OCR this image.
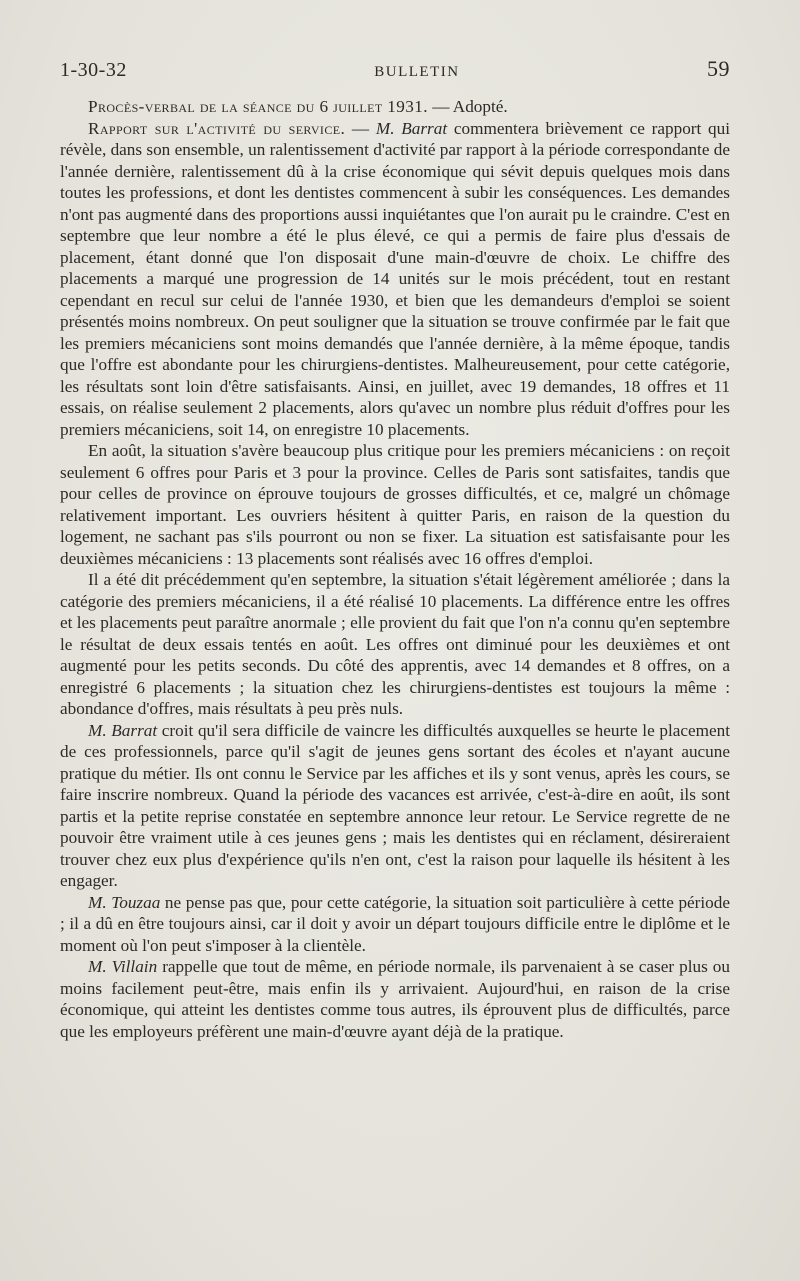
1-30-32	BULLETIN	59

Procès-verbal de la séance du 6 juillet 1931. — Adopté.

Rapport sur l'activité du service. — M. Barrat commentera brièvement ce rapport qui révèle, dans son ensemble, un ralentissement d'activité par rapport à la période correspondante de l'année dernière, ralentissement dû à la crise économique qui sévit depuis quelques mois dans toutes les professions, et dont les dentistes commencent à subir les conséquences. Les demandes n'ont pas augmenté dans des proportions aussi inquiétantes que l'on aurait pu le craindre. C'est en septembre que leur nombre a été le plus élevé, ce qui a permis de faire plus d'essais de placement, étant donné que l'on disposait d'une main-d'œuvre de choix. Le chiffre des placements a marqué une progression de 14 unités sur le mois précédent, tout en restant cependant en recul sur celui de l'année 1930, et bien que les demandeurs d'emploi se soient présentés moins nombreux. On peut souligner que la situation se trouve confirmée par le fait que les premiers mécaniciens sont moins demandés que l'année dernière, à la même époque, tandis que l'offre est abondante pour les chirurgiens-dentistes. Malheureusement, pour cette catégorie, les résultats sont loin d'être satisfaisants. Ainsi, en juillet, avec 19 demandes, 18 offres et 11 essais, on réalise seulement 2 placements, alors qu'avec un nombre plus réduit d'offres pour les premiers mécaniciens, soit 14, on enregistre 10 placements.

En août, la situation s'avère beaucoup plus critique pour les premiers mécaniciens : on reçoit seulement 6 offres pour Paris et 3 pour la province. Celles de Paris sont satisfaites, tandis que pour celles de province on éprouve toujours de grosses difficultés, et ce, malgré un chômage relativement important. Les ouvriers hésitent à quitter Paris, en raison de la question du logement, ne sachant pas s'ils pourront ou non se fixer. La situation est satisfaisante pour les deuxièmes mécaniciens : 13 placements sont réalisés avec 16 offres d'emploi.

Il a été dit précédemment qu'en septembre, la situation s'était légèrement améliorée ; dans la catégorie des premiers mécaniciens, il a été réalisé 10 placements. La différence entre les offres et les placements peut paraître anormale ; elle provient du fait que l'on n'a connu qu'en septembre le résultat de deux essais tentés en août. Les offres ont diminué pour les deuxièmes et ont augmenté pour les petits seconds. Du côté des apprentis, avec 14 demandes et 8 offres, on a enregistré 6 placements ; la situation chez les chirurgiens-dentistes est toujours la même : abondance d'offres, mais résultats à peu près nuls.

M. Barrat croit qu'il sera difficile de vaincre les difficultés auxquelles se heurte le placement de ces professionnels, parce qu'il s'agit de jeunes gens sortant des écoles et n'ayant aucune pratique du métier. Ils ont connu le Service par les affiches et ils y sont venus, après les cours, se faire inscrire nombreux. Quand la période des vacances est arrivée, c'est-à-dire en août, ils sont partis et la petite reprise constatée en septembre annonce leur retour. Le Service regrette de ne pouvoir être vraiment utile à ces jeunes gens ; mais les dentistes qui en réclament, désireraient trouver chez eux plus d'expérience qu'ils n'en ont, c'est la raison pour laquelle ils hésitent à les engager.

M. Touzaa ne pense pas que, pour cette catégorie, la situation soit particulière à cette période ; il a dû en être toujours ainsi, car il doit y avoir un départ toujours difficile entre le diplôme et le moment où l'on peut s'imposer à la clientèle.

M. Villain rappelle que tout de même, en période normale, ils parvenaient à se caser plus ou moins facilement peut-être, mais enfin ils y arrivaient. Aujourd'hui, en raison de la crise économique, qui atteint les dentistes comme tous autres, ils éprouvent plus de difficultés, parce que les employeurs préfèrent une main-d'œuvre ayant déjà de la pratique.
